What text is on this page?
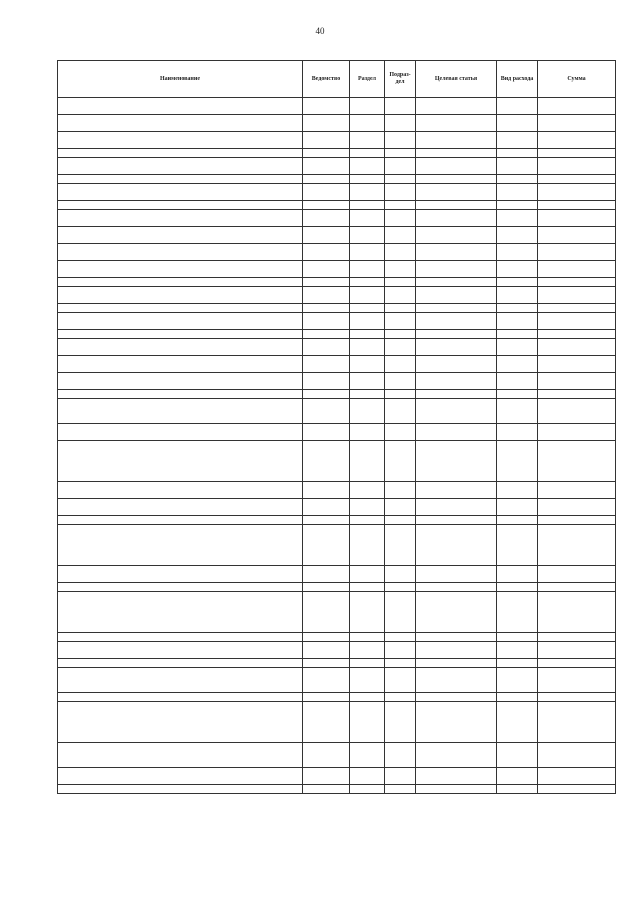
40
Наименование	Ведомство	Раздел	Подраз-дел	Целевая статья	Вид расхода	Сумма
